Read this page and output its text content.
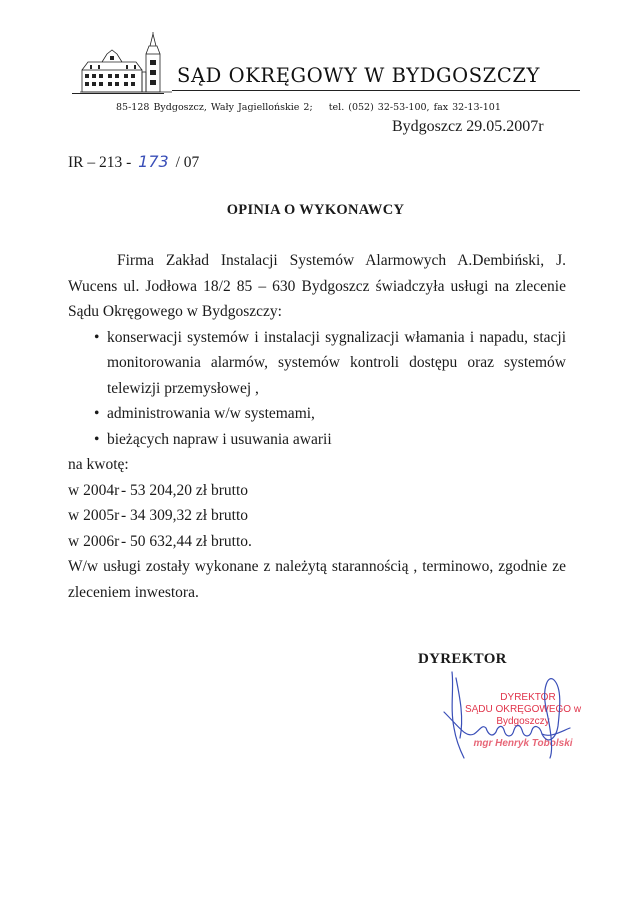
SĄD OKRĘGOWY W BYDGOSZCZY
85-128 Bydgoszcz, Wały Jagiellońskie 2; tel. (052) 32-53-100, fax 32-13-101
Bydgoszcz 29.05.2007r
IR – 213 - 173 / 07
OPINIA O WYKONAWCY

Firma Zakład Instalacji Systemów Alarmowych A.Dembiński, J. Wucens ul. Jodłowa 18/2 85 – 630 Bydgoszcz świadczyła usługi na zlecenie Sądu Okręgowego w Bydgoszczy:

• konserwacji systemów i instalacji sygnalizacji włamania i napadu, stacji monitorowania alarmów, systemów kontroli dostępu oraz systemów telewizji przemysłowej ,
• administrowania w/w systemami,
• bieżących napraw i usuwania awarii

na kwotę:

w 2004r - 53 204,20 zł brutto

w 2005r - 34 309,32 zł brutto

w 2006r - 50 632,44 zł brutto.

W/w usługi zostały wykonane z należytą starannością , terminowo, zgodnie ze zleceniem inwestora.

DYREKTOR
DYREKTOR
SĄDU OKRĘGOWEGO w Bydgoszczy
mgr Henryk Tobolski
